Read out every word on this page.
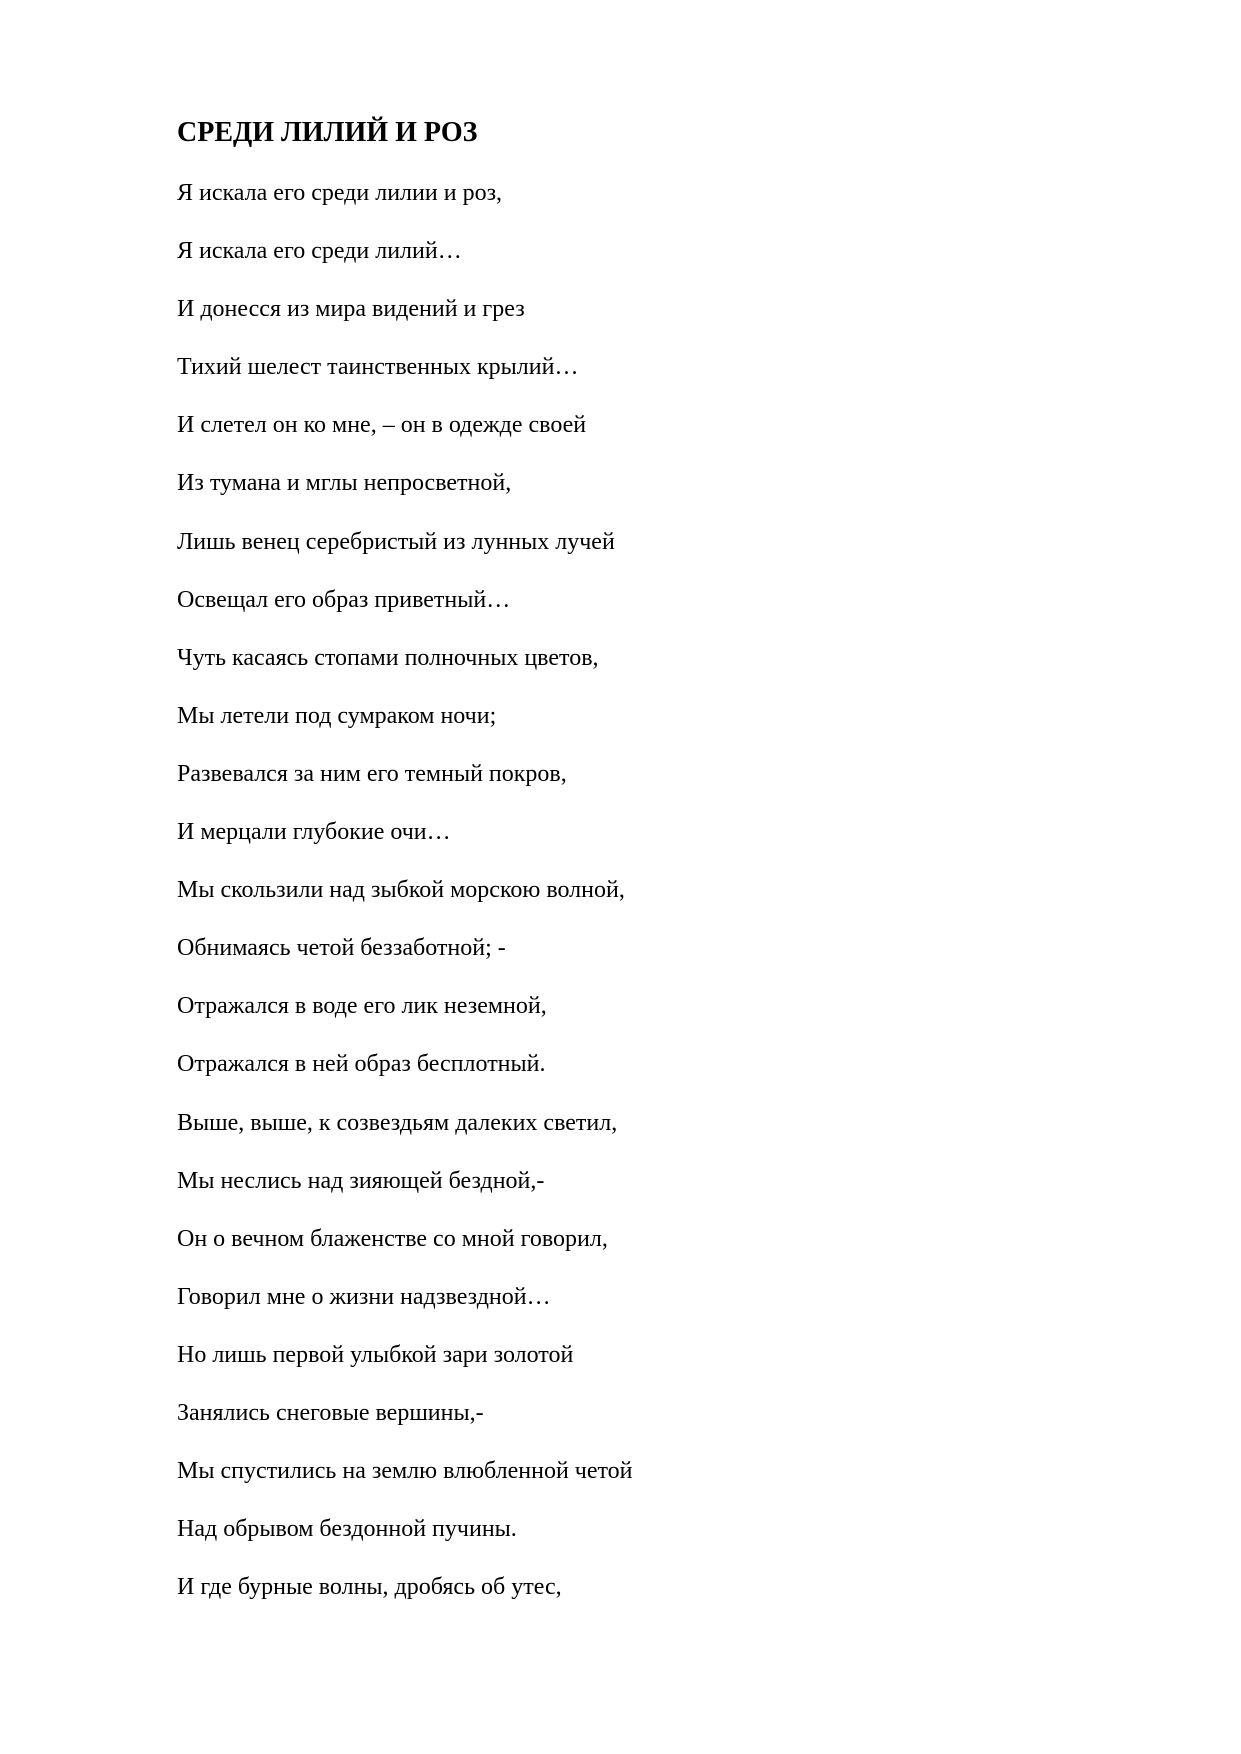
СРЕДИ ЛИЛИЙ И РОЗ
Я искала его среди лилии и роз,
Я искала его среди лилий…
И донесся из мира видений и грез
Тихий шелест таинственных крылий…
И слетел он ко мне, – он в одежде своей
Из тумана и мглы непросветной,
Лишь венец серебристый из лунных лучей
Освещал его образ приветный…
Чуть касаясь стопами полночных цветов,
Мы летели под сумраком ночи;
Развевался за ним его темный покров,
И мерцали глубокие очи…
Мы скользили над зыбкой морскою волной,
Обнимаясь четой беззаботной; -
Отражался в воде его лик неземной,
Отражался в ней образ бесплотный.
Выше, выше, к созвездьям далеких светил,
Мы неслись над зияющей бездной,-
Он о вечном блаженстве со мной говорил,
Говорил мне о жизни надзвездной…
Но лишь первой улыбкой зари золотой
Занялись снеговые вершины,-
Мы спустились на землю влюбленной четой
Над обрывом бездонной пучины.
И где бурные волны, дробясь об утес,
